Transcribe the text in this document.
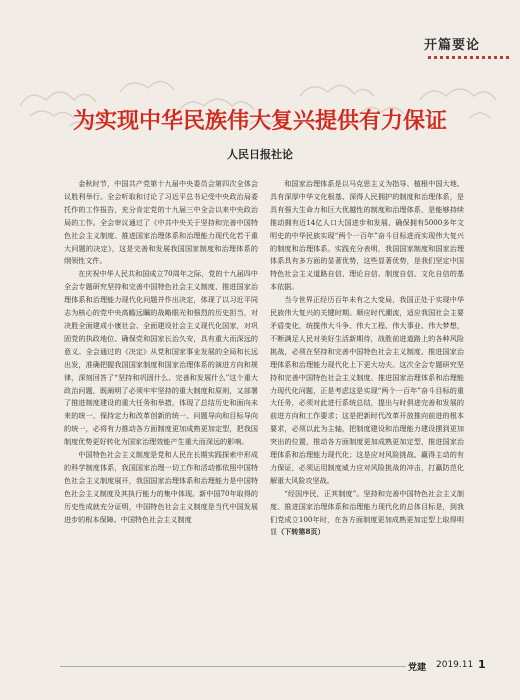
开篇要论
为实现中华民族伟大复兴提供有力保证
人民日报社论

金秋时节，中国共产党第十九届中央委员会第四次全体会议胜利举行。全会听取和讨论了习近平总书记受中央政治局委托作的工作报告，充分肯定党的十九届三中全会以来中央政治局的工作。全会审议通过了《中共中央关于坚持和完善中国特色社会主义制度、推进国家治理体系和治理能力现代化若干重大问题的决定》，这是完善和发展我国国家制度和治理体系的纲领性文件。

在庆祝中华人民共和国成立70周年之际，党的十九届四中全会专题研究坚持和完善中国特色社会主义制度、推进国家治理体系和治理能力现代化问题并作出决定，体现了以习近平同志为核心的党中央高瞻远瞩的战略眼光和强烈的历史担当，对决胜全面建成小康社会、全面建设社会主义现代化国家，对巩固党的执政地位、确保党和国家长治久安，具有重大而深远的意义。全会通过的《决定》从党和国家事业发展的全局和长远出发，准确把握我国国家制度和国家治理体系的演进方向和规律，深刻回答了“坚持和巩固什么、完善和发展什么”这个重大政治问题，既阐明了必须牢牢坚持的重大制度和原则，又部署了推进制度建设的重大任务和举措，体现了总结历史和面向未来的统一、保持定力和改革创新的统一、问题导向和目标导向的统一，必将有力推动各方面制度更加成熟更加定型，把我国制度优势更好转化为国家治理效能产生重大而深远的影响。

中国特色社会主义制度是党和人民在长期实践探索中形成的科学制度体系，我国国家治理一切工作和活动都依照中国特色社会主义制度展开，我国国家治理体系和治理能力是中国特色社会主义制度及其执行能力的集中体现。新中国70年取得的历史性成就充分证明，中国特色社会主义制度是当代中国发展进步的根本保障。中国特色社会主义制度

和国家治理体系是以马克思主义为指导、植根中国大地、具有深厚中华文化根基、深得人民拥护的制度和治理体系，是具有强大生命力和巨大优越性的制度和治理体系，是能够持续推动拥有近14亿人口大国进步和发展、确保拥有5000多年文明史的中华民族实现“两个一百年”奋斗目标进而实现伟大复兴的制度和治理体系。实践充分表明，我国国家制度和国家治理体系具有多方面的显著优势，这些显著优势，是我们坚定中国特色社会主义道路自信、理论自信、制度自信、文化自信的基本依据。

当今世界正经历百年未有之大变局，我国正处于实现中华民族伟大复兴的关键时期。顺应时代潮流，适应我国社会主要矛盾变化，统揽伟大斗争、伟大工程、伟大事业、伟大梦想，不断满足人民对美好生活新期待，战胜前进道路上的各种风险挑战，必须在坚持和完善中国特色社会主义制度、推进国家治理体系和治理能力现代化上下更大功夫。这次全会专题研究坚持和完善中国特色社会主义制度、推进国家治理体系和治理能力现代化问题，正是考虑这是实现“两个一百年”奋斗目标的重大任务，必须对此进行系统总结，提出与时俱进完善和发展的前进方向和工作要求；这是把新时代改革开放推向前进的根本要求，必须以此为主轴，把制度建设和治理能力建设摆到更加突出的位置，推动各方面制度更加成熟更加定型，推进国家治理体系和治理能力现代化；这是应对风险挑战、赢得主动的有力保证，必须运用制度威力应对风险挑战的冲击，打赢防范化解重大风险攻坚战。

“经国序民，正其制度”。坚持和完善中国特色社会主义制度、推进国家治理体系和治理能力现代化的总体目标是，到我们党成立100年时，在各方面制度更加成熟更加定型上取得明显（下转第8页）

党建 2019.11 1
